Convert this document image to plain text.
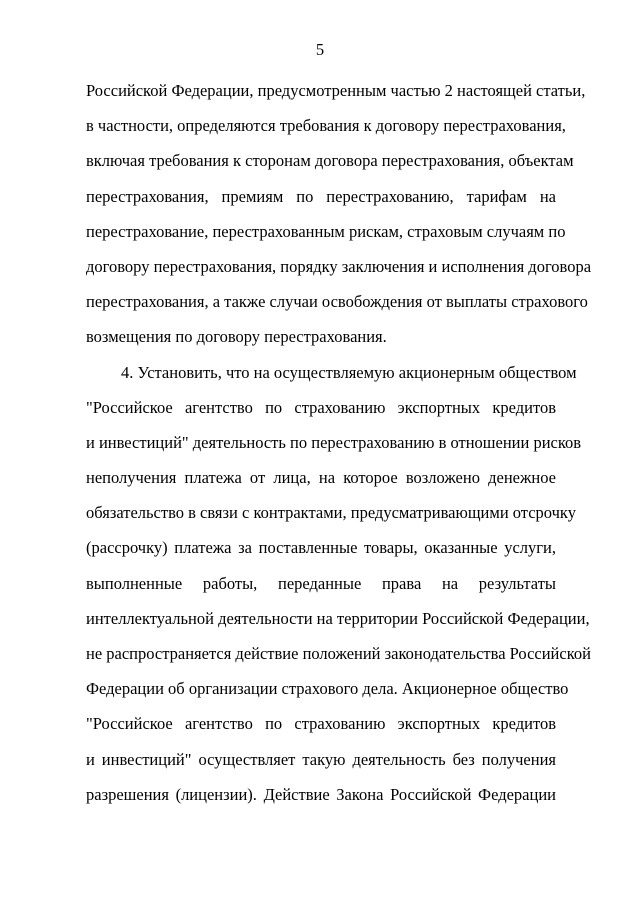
5
Российской Федерации, предусмотренным частью 2 настоящей статьи,
в частности, определяются требования к договору перестрахования,
включая требования к сторонам договора перестрахования, объектам
перестрахования, премиям по перестрахованию, тарифам на
перестрахование, перестрахованным рискам, страховым случаям по
договору перестрахования, порядку заключения и исполнения договора
перестрахования, а также случаи освобождения от выплаты страхового
возмещения по договору перестрахования.
4. Установить, что на осуществляемую акционерным обществом
"Российское агентство по страхованию экспортных кредитов
и инвестиций" деятельность по перестрахованию в отношении рисков
неполучения платежа от лица, на которое возложено денежное
обязательство в связи с контрактами, предусматривающими отсрочку
(рассрочку) платежа за поставленные товары, оказанные услуги,
выполненные работы, переданные права на результаты
интеллектуальной деятельности на территории Российской Федерации,
не распространяется действие положений законодательства Российской
Федерации об организации страхового дела. Акционерное общество
"Российское агентство по страхованию экспортных кредитов
и инвестиций" осуществляет такую деятельность без получения
разрешения (лицензии). Действие Закона Российской Федерации
